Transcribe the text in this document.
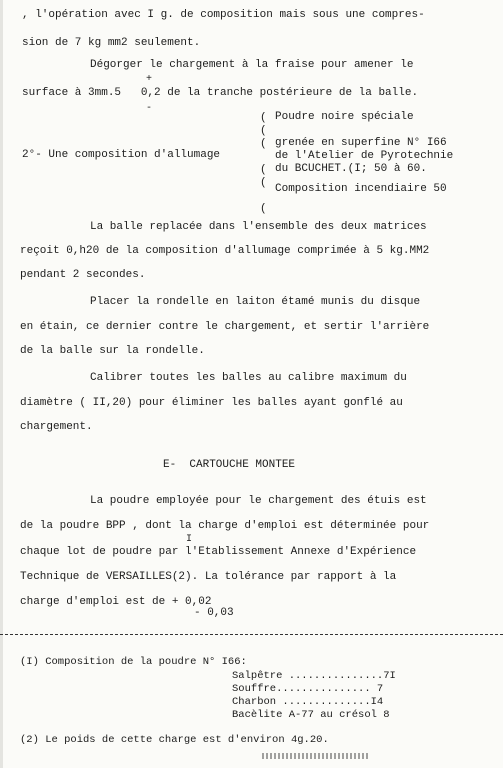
, l'opération avec I g. de composition mais sous une compres-
sion de 7 kg mm2 seulement.
Dégorger le chargement à la fraise pour amener le
+
surface à 3mm.5   0,2 de la tranche postérieure de la balle.
-
(
(
(

(
(

(
Poudre noire spéciale
grenée en superfine N° I66
2°- Une composition d'allumage	de l'Atelier de Pyrotechnie
du BCUCHET.(I; 50 à 60.
Composition incendiaire 50
La balle replacée dans l'ensemble des deux matrices
reçoit 0,h20 de la composition d'allumage comprimée à 5 kg.MM2
pendant 2 secondes.
Placer la rondelle en laiton étamé munis du disque
en étain, ce dernier contre le chargement, et sertir l'arrière
de la balle sur la rondelle.
Calibrer toutes les balles au calibre maximum du
diamètre ( II,20) pour éliminer les balles ayant gonflé au
chargement.
E-  CARTOUCHE MONTEE
La poudre employée pour le chargement des étuis est
de la poudre BPP , dont la charge d'emploi est déterminée pour
I
chaque lot de poudre par l'Etablissement Annexe d'Expérience
Technique de VERSAILLES(2). La tolérance par rapport à la
charge d'emploi est de + 0,02
- 0,03
(I) Composition de la poudre N° I66:
Salpêtre ...............7I
Souffre............... 7
Charbon ..............I4
Bacèlite A-77 au crésol 8
(2) Le poids de cette charge est d'environ 4g.20.
